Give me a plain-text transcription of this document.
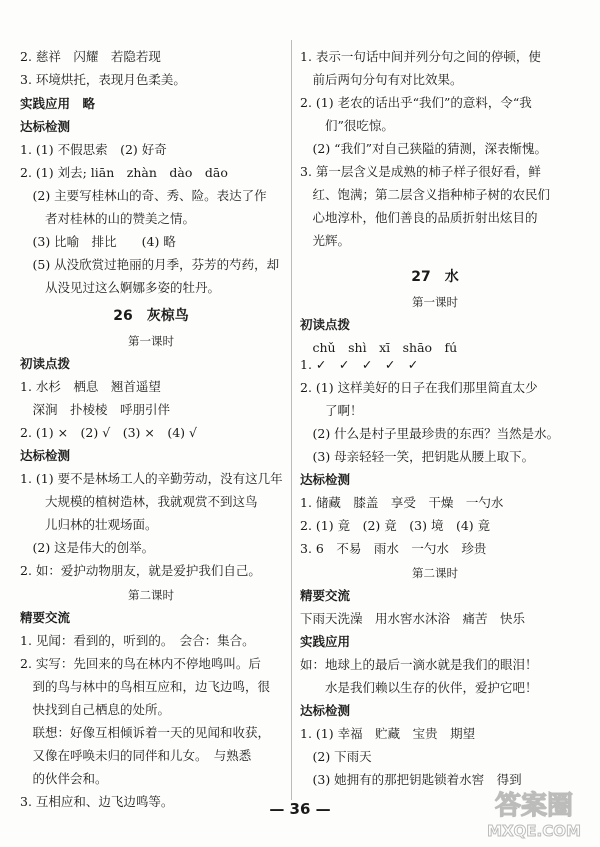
2. 慈祥　闪耀　若隐若现
3. 环境烘托，表现月色柔美。
实践应用　略
达标检测
1. (1) 不假思索　(2) 好奇
2. (1) 刘去; liān　zhàn　dào　dāo
　(2) 主要写桂林山的奇、秀、险。表达了作
　　者对桂林的山的赞美之情。
　(3) 比喻　排比　　(4) 略
　(5) 从没欣赏过艳丽的月季，芬芳的芍药，却
　　从没见过这么婀娜多姿的牡丹。
26　灰椋鸟
第一课时
初读点拨
1. 水杉　栖息　翘首遥望
　深涧　扑棱棱　呼朋引伴
2. (1) ×　(2) √　(3) ×　(4) √
达标检测
1. (1) 要不是林场工人的辛勤劳动，没有这几年
　　大规模的植树造林，我就观赏不到这鸟
　　儿归林的壮观场面。
　(2) 这是伟大的创举。
2. 如：爱护动物朋友，就是爱护我们自己。
第二课时
精要交流
1. 见闻：看到的，听到的。　会合：集合。
2. 实写：先回来的鸟在林内不停地鸣叫。后
　到的鸟与林中的鸟相互应和，边飞边鸣，很
　快找到自己栖息的处所。
　联想：好像互相倾诉着一天的见闻和收获，
　又像在呼唤未归的同伴和儿女。　与熟悉
　的伙伴会和。
3. 互相应和、边飞边鸣等。
1. 表示一句话中间并列分句之间的停顿，使
　前后两句分句有对比效果。
2. (1) 老农的话出乎“我们”的意料，令“我
　　们”很吃惊。
　(2) “我们”对自己狭隘的猜测，深表惭愧。
3. 第一层含义是成熟的柿子样子很好看，鲜
　红、饱满；第二层含义指种柿子树的农民们
　心地淳朴，他们善良的品质折射出炫目的
　光辉。
27　水
第一课时
初读点拨
　chǔ　shì　xī　shāo　fú
1. ✓　✓　✓　✓　✓
2. (1) 这样美好的日子在我们那里简直太少
　　了啊！
　(2) 什么是村子里最珍贵的东西？当然是水。
　(3) 母亲轻轻一笑，把钥匙从腰上取下。
达标检测
1. 储藏　膝盖　享受　干燥　一勺水
2. (1) 竟　(2) 竟　(3) 境　(4) 竟
3. 6　不易　雨水　一勺水　珍贵
第二课时
精要交流
下雨天洗澡　用水窖水沐浴　痛苦　快乐
实践应用
如：地球上的最后一滴水就是我们的眼泪！
　　水是我们赖以生存的伙伴，爱护它吧！
达标检测
1. (1) 幸福　贮藏　宝贵　期望
　(2) 下雨天
　(3) 她拥有的那把钥匙锁着水窖　得到
— 36 —	答案圈
MXQE.COM
